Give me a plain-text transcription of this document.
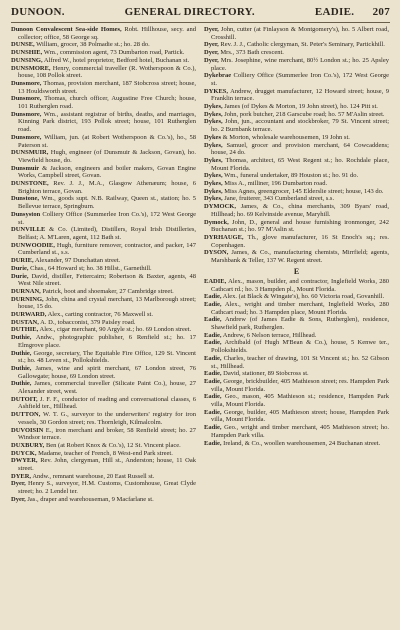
DUNOON.	GENERAL DIRECTORY.	EADIE. 207
Dunoon Convalescent Sea-side Homes, Robt. Hillhouse, secy. and collector; office, 58 George sq.
DUNSE, William, grocer, 38 Polmadie st.; ho. 28 do.
DUNSHIE, Wm., commission agent, 73 Dumbarton road, Partick.
DUNSING, Alfred W., hotel proprietor, Bedford hotel, Buchanan st.
DUNSMORE, Henry, commercial traveller (R. Wotherspoon & Co.), house, 108 Pollok street.
Dunsmore, Thomas, provision merchant, 187 Stobcross street; house, 13 Houldsworth street.
Dunsmore, Thomas, church officer, Augustine Free Church; house, 101 Rutherglen road.
Dunsmore, Wm., assistant registrar of births, deaths, and marriages, Kinning Park district, 193 Pollok street; house, 101 Rutherglen road.
Dunsmore, William, jun. (at Robert Wotherspoon & Co.'s), ho., 58 Paterson st.
DUNSMUIR, Hugh, engineer (of Dunsmuir & Jackson, Govan), ho. Viewfield house, do.
Dunsmuir & Jackson, engineers and boiler makers, Govan Engine Works, Campbell street, Govan.
DUNSTONE, Rev. J. J., M.A., Glasgow Athenæum; house, 6 Brighton terrace, Govan.
Dunstone, Wm., goods supt. N.B. Railway, Queen st., station; ho. 5 Bellevue terrace, Springburn.
Dunsyston Colliery Office (Summerlee Iron Co.'s), 172 West George st.
DUNVILLE & Co. (Limited), Distillers, Royal Irish Distilleries, Belfast; A. M'Laren, agent, 112 Bath st.
DUNWOODIE, Hugh, furniture remover, contractor, and packer, 147 Cumberland st., s.s.
DURIE, Alexander, 97 Dunchattan street.
Durie, Chas., 64 Howard st; ho. 38 Hillst., Garnethill.
Durie, David, distiller, Fettercairn; Robertson & Baxter, agents, 48 West Nile street.
DURNAN, Patrick, boot and shoemaker, 27 Cambridge street.
DURNING, John, china and crystal merchant, 13 Marlborough street; house, 15 do.
DURWARD, Alex., carting contractor, 76 Maxwell st.
DUSTAN, A. D., tobacconist, 379 Paisley road.
DUTHIE, Alex., cigar merchant, 90 Argyle st.; ho. 69 London street.
Duthie, Andw., photographic publisher, 6 Renfield st.; ho. 17 Elmgrove place.
Duthie, George, secretary, The Equitable Fire Office, 129 St. Vincent st.; ho. 48 Leven st., Pollokshields.
Duthie, James, wine and spirit merchant, 67 London street, 76 Gallowgate; house, 69 London street.
Duthie, James, commercial traveller (Silicate Paint Co.), house, 27 Alexander street, west.
DUTOIT, J. F. F., conductor of reading and conversational classes, 6 Ashfield ter., Hillhead.
DUTTON, W. T. G., surveyor to the underwriters' registry for iron vessels, 30 Gordon street; res. Thornleigh, Kilmalcolm.
DUVOISIN E., iron merchant and broker, 58 Renfield street; ho. 27 Windsor terrace.
DUXBURY, Ben (at Robert Knox & Co.'s), 12 St. Vincent place.
DUYCK, Madame, teacher of French, 8 West-end Park street.
DWYER, Rev. John, clergyman, Hill st., Anderston; house, 11 Oak street.
DYER, Andw., remnant warehouse, 20 East Russell st.
Dyer, Henry S., surveyor, H.M. Customs, Customhouse, Great Clyde street; ho. 2 Lendel ter.
Dyer, Jas., draper and warehouseman, 9 Macfarlane st.
Dyer, John, cutter (at Finlayson & Montgomery's), ho. 5 Albert road, Crosshill.
Dyer, Rev. J. J., Catholic clergyman, St. Peter's Seminary, Partickhill.
Dyer, Mrs., 373 Bath crescent.
Dyer, Mrs. Josephine, wine merchant, 80½ London st.; ho. 25 Apsley place.
Dykebrae Colliery Office (Summerlee Iron Co.'s), 172 West George st.
DYKES, Andrew, drugget manufacturer, 12 Howard street; house, 9 Franklin terrace.
Dykes, James (of Dykes & Morton, 19 John street), ho. 124 Pitt st.
Dykes, John, pork butcher, 218 Garscube road; ho. 57 M'Aslin street.
Dykes, John, jun., accountant and stockbroker, 79 St. Vincent street; ho. 2 Burnbank terrace.
Dykes & Morton, wholesale warehousemen, 19 John st.
Dykes, Samuel, grocer and provision merchant, 64 Cowcaddens; house, 24 do.
Dykes, Thomas, architect, 65 West Regent st.; ho. Rochdale place, Mount Florida.
Dykes, Wm., funeral undertaker, 89 Houston st.; ho. 91 do.
Dykes, Miss A., milliner, 196 Dumbarton road.
Dykes, Miss Agnes, greengrocer, 145 Elderslie street; house, 143 do.
Dykes, Jane, fruiterer, 343 Cumberland street, s.s.
DYMOCK, James, & Co., china merchants, 309 Byars' road, Hillhead; ho. 69 Kelvinside avenue, Maryhill.
Dymock, John, D., general and house furnishing ironmonger, 242 Buchanan st.; ho. 97 M'Aslin st.
DYRHAUGE, Th., glove manufacturer, 16 St Enoch's sq.; res. Copenhagen.
DYSON, James, & Co., manufacturing chemists, Mirrfield; agents, Marshbank & Teller, 137 W. Regent street.
E
EADIE, Alex., mason, builder, and contractor, Inglefield Works, 280 Cathcart rd.; ho. 3 Hampden pl., Mount Florida.
Eadie, Alex. (at Black & Wingate's), ho. 60 Victoria road, Govanhill.
Eadie, Alex., wright and timber merchant, Inglefield Works, 280 Cathcart road; ho. 3 Hampden place, Mount Florida.
Eadie, Andrew (of James Eadie & Sons, Rutherglen), residence, Shawfield park, Rutherglen.
Eadie, Andrew, 6 Nelson terrace, Hillhead.
Eadie, Archibald (of Hugh M'Bean & Co.), house, 5 Kenwe ter., Pollokshields.
Eadie, Charles, teacher of drawing, 101 St Vincent st.; ho. 52 Gibson st., Hillhead.
Eadie, David, stationer, 89 Stobcross st.
Eadie, George, brickbuilder, 405 Mathieson street; res. Hampden Park villa, Mount Florida.
Eadie, Geo., mason, 405 Mathieson st.; residence, Hampden Park villa, Mount Florida.
Eadie, George, builder, 405 Mathieson street; house, Hampden Park villa, Mount Florida.
Eadie, Geo., wright and timber merchant, 405 Mathieson street; ho. Hampden Park villa.
Eadie, Ireland, & Co., woollen warehousemen, 24 Buchanan street.
